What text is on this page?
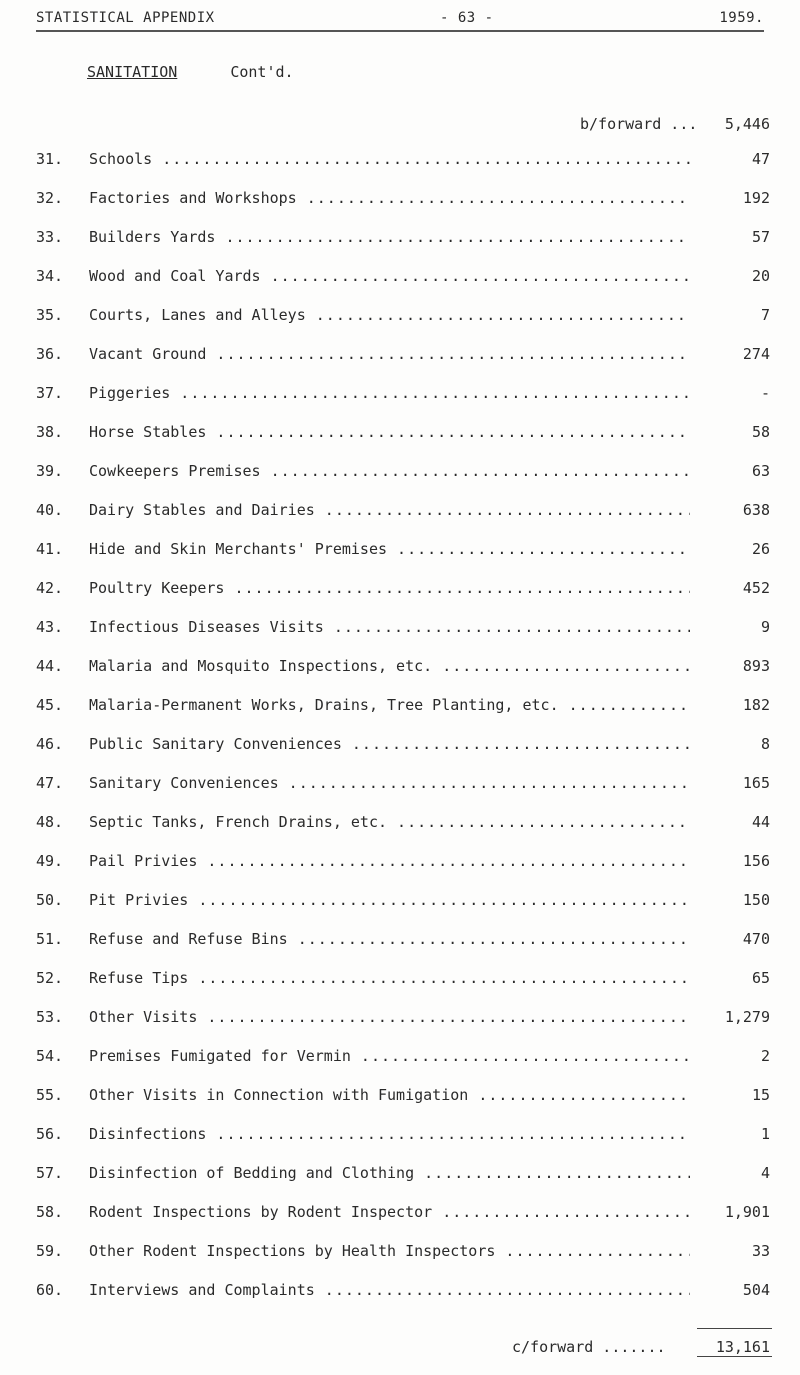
STATISTICAL APPENDIX	- 63 -	1959.
SANITATION	Cont'd.
b/forward ... 5,446
31.	Schools .....	47
32.	Factories and Workshops .....	192
33.	Builders Yards .....	57
34.	Wood and Coal Yards .....	20
35.	Courts, Lanes and Alleys .....	7
36.	Vacant Ground .....	274
37.	Piggeries .....	-
38.	Horse Stables .....	58
39.	Cowkeepers Premises .....	63
40.	Dairy Stables and Dairies .....	638
41.	Hide and Skin Merchants' Premises .....	26
42.	Poultry Keepers .....	452
43.	Infectious Diseases Visits .....	9
44.	Malaria and Mosquito Inspections, etc. .....	893
45.	Malaria-Permanent Works, Drains, Tree Planting, etc. .....	182
46.	Public Sanitary Conveniences .....	8
47.	Sanitary Conveniences .....	165
48.	Septic Tanks, French Drains, etc. .....	44
49.	Pail Privies .....	156
50.	Pit Privies .....	150
51.	Refuse and Refuse Bins .....	470
52.	Refuse Tips .....	65
53.	Other Visits .....	1,279
54.	Premises Fumigated for Vermin .....	2
55.	Other Visits in Connection with Fumigation .....	15
56.	Disinfections .....	1
57.	Disinfection of Bedding and Clothing .....	4
58.	Rodent Inspections by Rodent Inspector .....	1,901
59.	Other Rodent Inspections by Health Inspectors .....	33
60.	Interviews and Complaints .....	504
c/forward .......	13,161
